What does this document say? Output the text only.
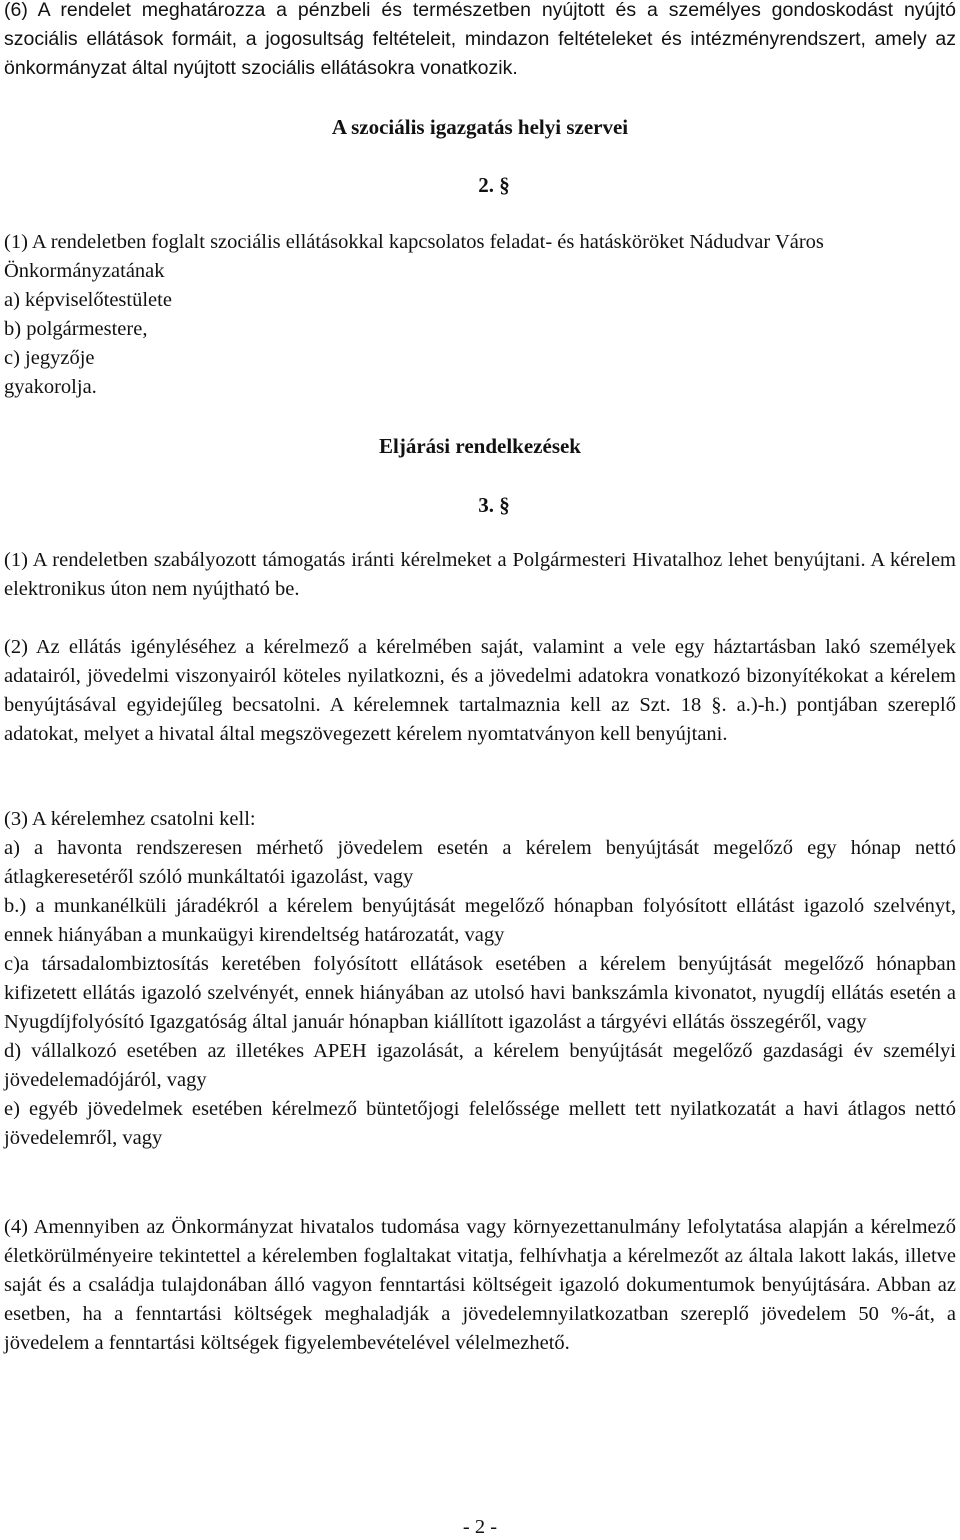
(6) A rendelet meghatározza a pénzbeli és természetben nyújtott és a személyes gondoskodást nyújtó szociális ellátások formáit, a jogosultság feltételeit, mindazon feltételeket és intézményrendszert, amely az önkormányzat által nyújtott szociális ellátásokra vonatkozik.

A szociális igazgatás helyi szervei
2. §
(1) A rendeletben foglalt szociális ellátásokkal kapcsolatos feladat- és hatásköröket Nádudvar Város Önkormányzatának
a) képviselőtestülete
b) polgármestere,
c) jegyzője
gyakorolja.
Eljárási rendelkezések
3. §

(1) A rendeletben szabályozott támogatás iránti kérelmeket a Polgármesteri Hivatalhoz lehet benyújtani. A kérelem elektronikus úton nem nyújtható be.

(2) Az ellátás igényléséhez a kérelmező a kérelmében saját, valamint a vele egy háztartásban lakó személyek adatairól, jövedelmi viszonyairól köteles nyilatkozni, és a jövedelmi adatokra vonatkozó bizonyítékokat a kérelem benyújtásával egyidejűleg becsatolni. A kérelemnek tartalmaznia kell az Szt. 18 §. a.)-h.) pontjában szereplő adatokat, melyet a hivatal által megszövegezett kérelem nyomtatványon kell benyújtani.

(3) A kérelemhez csatolni kell:
a) a havonta rendszeresen mérhető jövedelem esetén a kérelem benyújtását megelőző egy hónap nettó átlagkeresetéről szóló munkáltatói igazolást, vagy
b.) a munkanélküli járadékról a kérelem benyújtását megelőző hónapban folyósított ellátást igazoló szelvényt, ennek hiányában a munkaügyi kirendeltség határozatát, vagy
c)a társadalombiztosítás keretében folyósított ellátások esetében a kérelem benyújtását megelőző hónapban kifizetett ellátás igazoló szelvényét, ennek hiányában az utolsó havi bankszámla kivonatot, nyugdíj ellátás esetén a Nyugdíjfolyósító Igazgatóság által január hónapban kiállított igazolást a tárgyévi ellátás összegéről, vagy
d) vállalkozó esetében az illetékes APEH igazolását, a kérelem benyújtását megelőző gazdasági év személyi jövedelemadójáról, vagy
e) egyéb jövedelmek esetében kérelmező büntetőjogi felelőssége mellett tett nyilatkozatát a havi átlagos nettó jövedelemről, vagy

(4) Amennyiben az Önkormányzat hivatalos tudomása vagy környezettanulmány lefolytatása alapján a kérelmező életkörülményeire tekintettel a kérelemben foglaltakat vitatja, felhívhatja a kérelmezőt az általa lakott lakás, illetve saját és a családja tulajdonában álló vagyon fenntartási költségeit igazoló dokumentumok benyújtására. Abban az esetben, ha a fenntartási költségek meghaladják a jövedelemnyilatkozatban szereplő jövedelem 50 %-át, a jövedelem a fenntartási költségek figyelembevételével vélelmezhető.

- 2 -
